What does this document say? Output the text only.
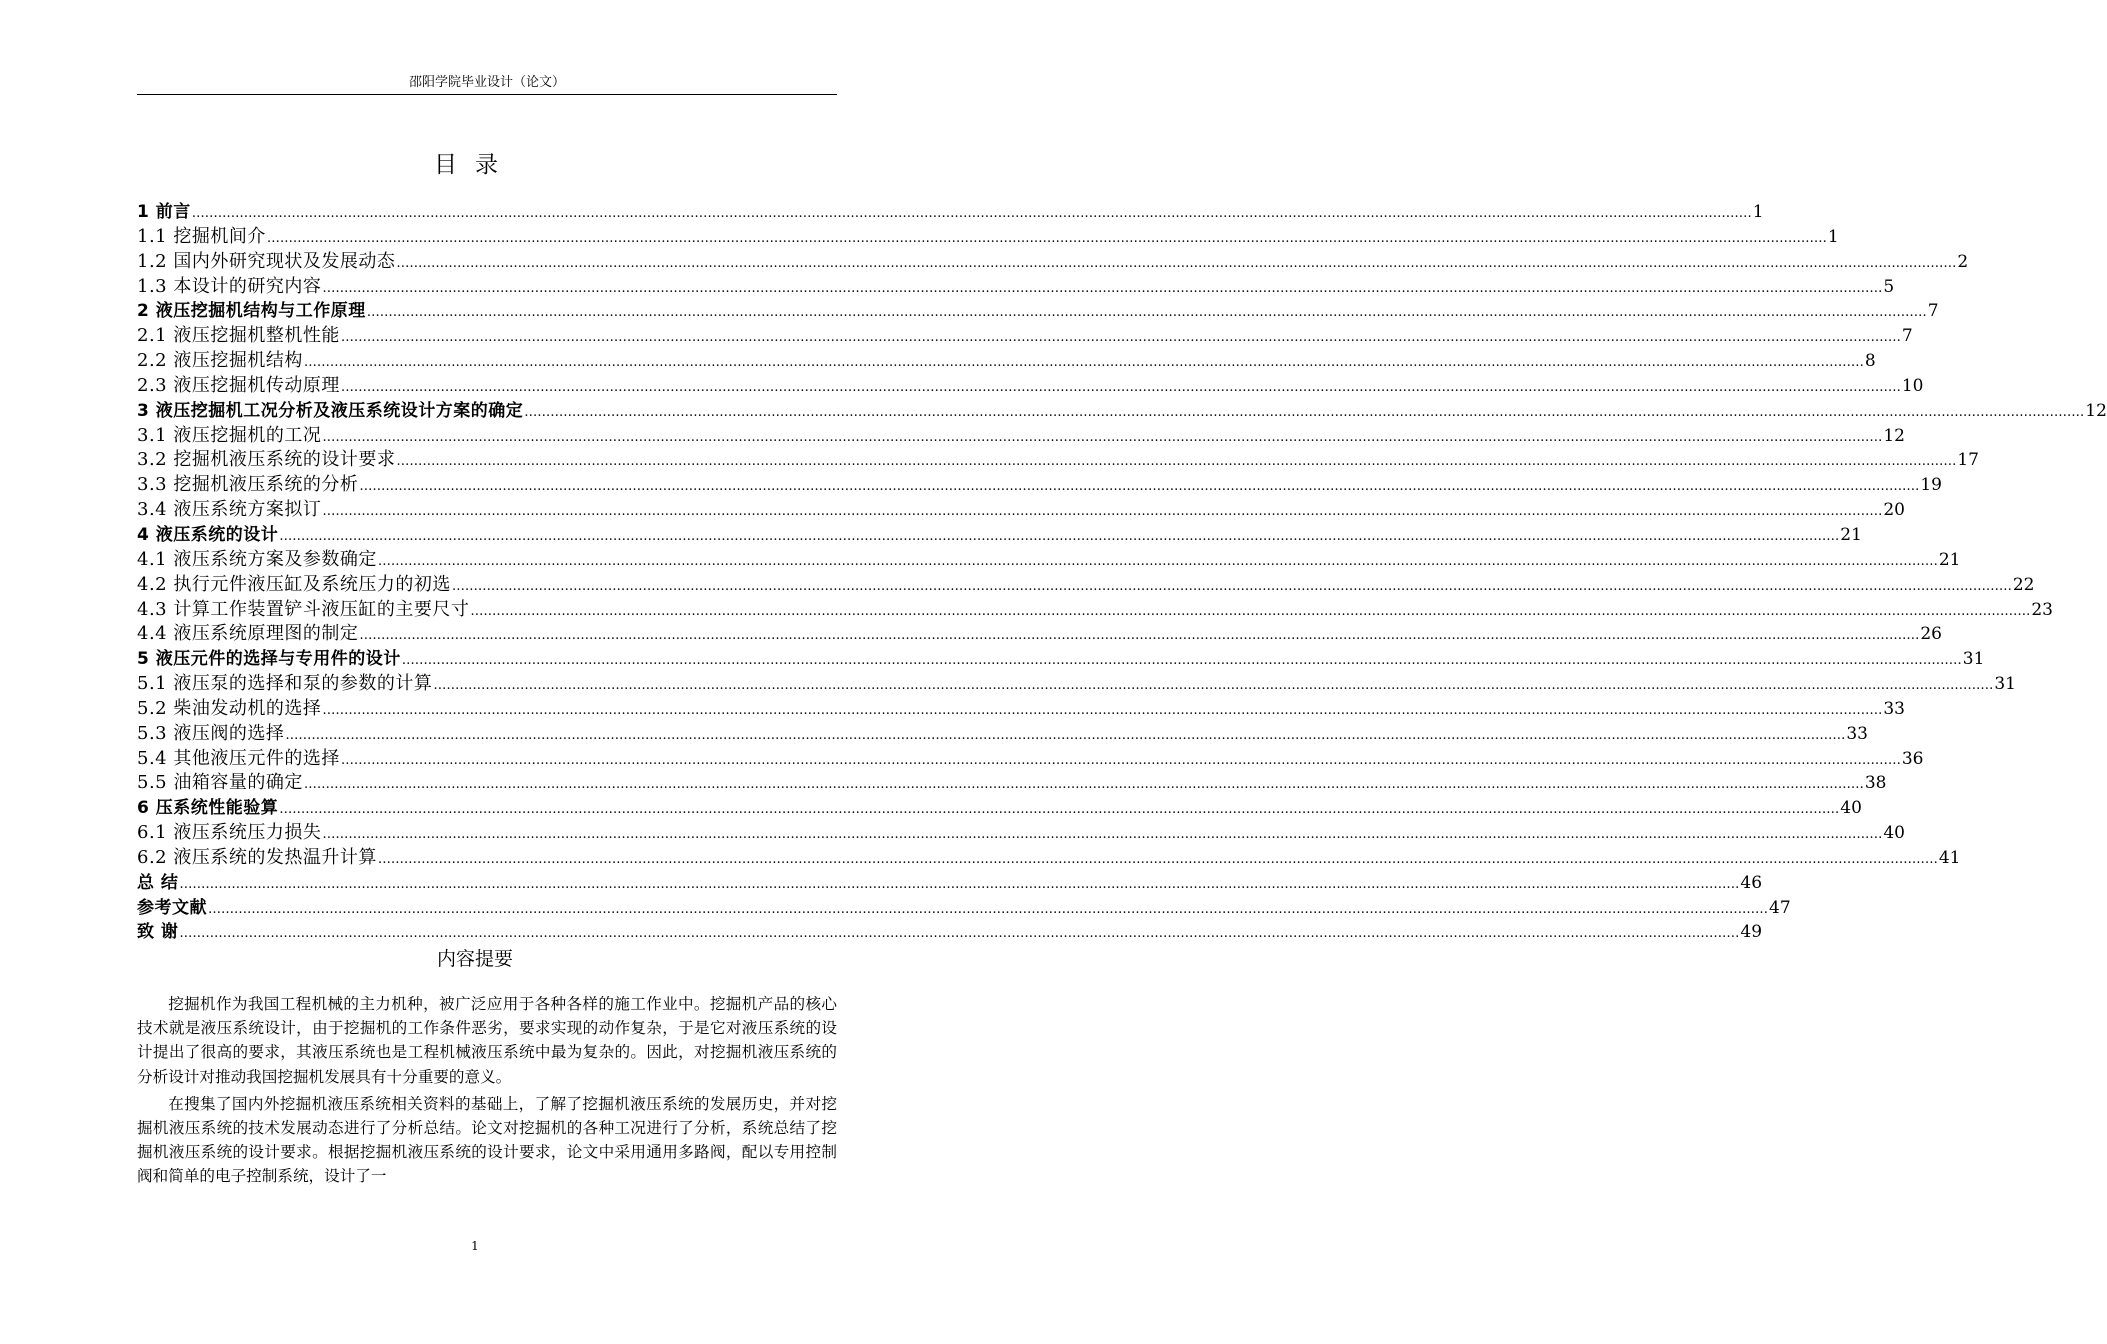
邵阳学院毕业设计（论文）
目录
1 前言 ……………………………………………………………………………………………………………………………………………………………………………………………………………………………………………………………………………………………………………………………… 1
1.1 挖掘机间介 ……………………………………………………………………………………………………………………………………………………………………………………………………………………………………………………………………………………………………………………………… 1
1.2 国内外研究现状及发展动态 ……………………………………………………………………………………………………………………………………………………………………………………………………………………………………………………………………………………………………………………………… 2
1.3 本设计的研究内容 ……………………………………………………………………………………………………………………………………………………………………………………………………………………………………………………………………………………………………………………………… 5
2 液压挖掘机结构与工作原理 ……………………………………………………………………………………………………………………………………………………………………………………………………………………………………………………………………………………………………………………………… 7
2.1 液压挖掘机整机性能 ……………………………………………………………………………………………………………………………………………………………………………………………………………………………………………………………………………………………………………………………… 7
2.2 液压挖掘机结构 ……………………………………………………………………………………………………………………………………………………………………………………………………………………………………………………………………………………………………………………………… 8
2.3 液压挖掘机传动原理 ……………………………………………………………………………………………………………………………………………………………………………………………………………………………………………………………………………………………………………………………… 10
3 液压挖掘机工况分析及液压系统设计方案的确定 ……………………………………………………………………………………………………………………………………………………………………………………………………………………………………………………………………………………………………………………………… 12
3.1 液压挖掘机的工况 ……………………………………………………………………………………………………………………………………………………………………………………………………………………………………………………………………………………………………………………………… 12
3.2 挖掘机液压系统的设计要求 ……………………………………………………………………………………………………………………………………………………………………………………………………………………………………………………………………………………………………………………………… 17
3.3 挖掘机液压系统的分析 ……………………………………………………………………………………………………………………………………………………………………………………………………………………………………………………………………………………………………………………………… 19
3.4 液压系统方案拟订 ……………………………………………………………………………………………………………………………………………………………………………………………………………………………………………………………………………………………………………………………… 20
4 液压系统的设计 ……………………………………………………………………………………………………………………………………………………………………………………………………………………………………………………………………………………………………………………………… 21
4.1 液压系统方案及参数确定 ……………………………………………………………………………………………………………………………………………………………………………………………………………………………………………………………………………………………………………………………… 21
4.2 执行元件液压缸及系统压力的初选 ……………………………………………………………………………………………………………………………………………………………………………………………………………………………………………………………………………………………………………………………… 22
4.3 计算工作装置铲斗液压缸的主要尺寸 ……………………………………………………………………………………………………………………………………………………………………………………………………………………………………………………………………………………………………………………………… 23
4.4 液压系统原理图的制定 ……………………………………………………………………………………………………………………………………………………………………………………………………………………………………………………………………………………………………………………………… 26
5 液压元件的选择与专用件的设计 ……………………………………………………………………………………………………………………………………………………………………………………………………………………………………………………………………………………………………………………………… 31
5.1 液压泵的选择和泵的参数的计算 ……………………………………………………………………………………………………………………………………………………………………………………………………………………………………………………………………………………………………………………………… 31
5.2 柴油发动机的选择 ……………………………………………………………………………………………………………………………………………………………………………………………………………………………………………………………………………………………………………………………… 33
5.3 液压阀的选择 ……………………………………………………………………………………………………………………………………………………………………………………………………………………………………………………………………………………………………………………………… 33
5.4 其他液压元件的选择 ……………………………………………………………………………………………………………………………………………………………………………………………………………………………………………………………………………………………………………………………… 36
5.5 油箱容量的确定 ……………………………………………………………………………………………………………………………………………………………………………………………………………………………………………………………………………………………………………………………… 38
6 压系统性能验算 ……………………………………………………………………………………………………………………………………………………………………………………………………………………………………………………………………………………………………………………………… 40
6.1 液压系统压力损失 ……………………………………………………………………………………………………………………………………………………………………………………………………………………………………………………………………………………………………………………………… 40
6.2 液压系统的发热温升计算 ……………………………………………………………………………………………………………………………………………………………………………………………………………………………………………………………………………………………………………………………… 41
总 结 ……………………………………………………………………………………………………………………………………………………………………………………………………………………………………………………………………………………………………………………………… 46
参考文献 ……………………………………………………………………………………………………………………………………………………………………………………………………………………………………………………………………………………………………………………………… 47
致 谢 ……………………………………………………………………………………………………………………………………………………………………………………………………………………………………………………………………………………………………………………………… 49
内容提要

挖掘机作为我国工程机械的主力机种，被广泛应用于各种各样的施工作业中。挖掘机产品的核心技术就是液压系统设计，由于挖掘机的工作条件恶劣，要求实现的动作复杂，于是它对液压系统的设计提出了很高的要求，其液压系统也是工程机械液压系统中最为复杂的。因此，对挖掘机液压系统的分析设计对推动我国挖掘机发展具有十分重要的意义。

在搜集了国内外挖掘机液压系统相关资料的基础上，了解了挖掘机液压系统的发展历史，并对挖掘机液压系统的技术发展动态进行了分析总结。论文对挖掘机的各种工况进行了分析，系统总结了挖掘机液压系统的设计要求。根据挖掘机液压系统的设计要求，论文中采用通用多路阀，配以专用控制阀和简单的电子控制系统，设计了一

1
